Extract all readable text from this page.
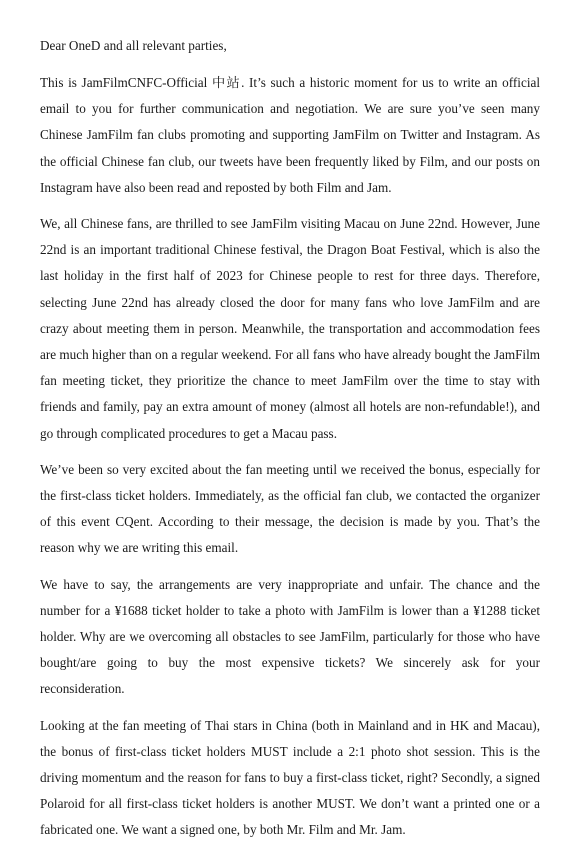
Dear OneD and all relevant parties,

This is JamFilmCNFC-Official 中站. It’s such a historic moment for us to write an official email to you for further communication and negotiation. We are sure you’ve seen many Chinese JamFilm fan clubs promoting and supporting JamFilm on Twitter and Instagram. As the official Chinese fan club, our tweets have been frequently liked by Film, and our posts on Instagram have also been read and reposted by both Film and Jam.

We, all Chinese fans, are thrilled to see JamFilm visiting Macau on June 22nd. However, June 22nd is an important traditional Chinese festival, the Dragon Boat Festival, which is also the last holiday in the first half of 2023 for Chinese people to rest for three days. Therefore, selecting June 22nd has already closed the door for many fans who love JamFilm and are crazy about meeting them in person. Meanwhile, the transportation and accommodation fees are much higher than on a regular weekend. For all fans who have already bought the JamFilm fan meeting ticket, they prioritize the chance to meet JamFilm over the time to stay with friends and family, pay an extra amount of money (almost all hotels are non-refundable!), and go through complicated procedures to get a Macau pass.

We’ve been so very excited about the fan meeting until we received the bonus, especially for the first-class ticket holders. Immediately, as the official fan club, we contacted the organizer of this event CQent. According to their message, the decision is made by you. That’s the reason why we are writing this email.

We have to say, the arrangements are very inappropriate and unfair. The chance and the number for a ¥1688 ticket holder to take a photo with JamFilm is lower than a ¥1288 ticket holder. Why are we overcoming all obstacles to see JamFilm, particularly for those who have bought/are going to buy the most expensive tickets? We sincerely ask for your reconsideration.

Looking at the fan meeting of Thai stars in China (both in Mainland and in HK and Macau), the bonus of first-class ticket holders MUST include a 2:1 photo shot session. This is the driving momentum and the reason for fans to buy a first-class ticket, right? Secondly, a signed Polaroid for all first-class ticket holders is another MUST. We don’t want a printed one or a fabricated one. We want a signed one, by both Mr. Film and Mr. Jam.
